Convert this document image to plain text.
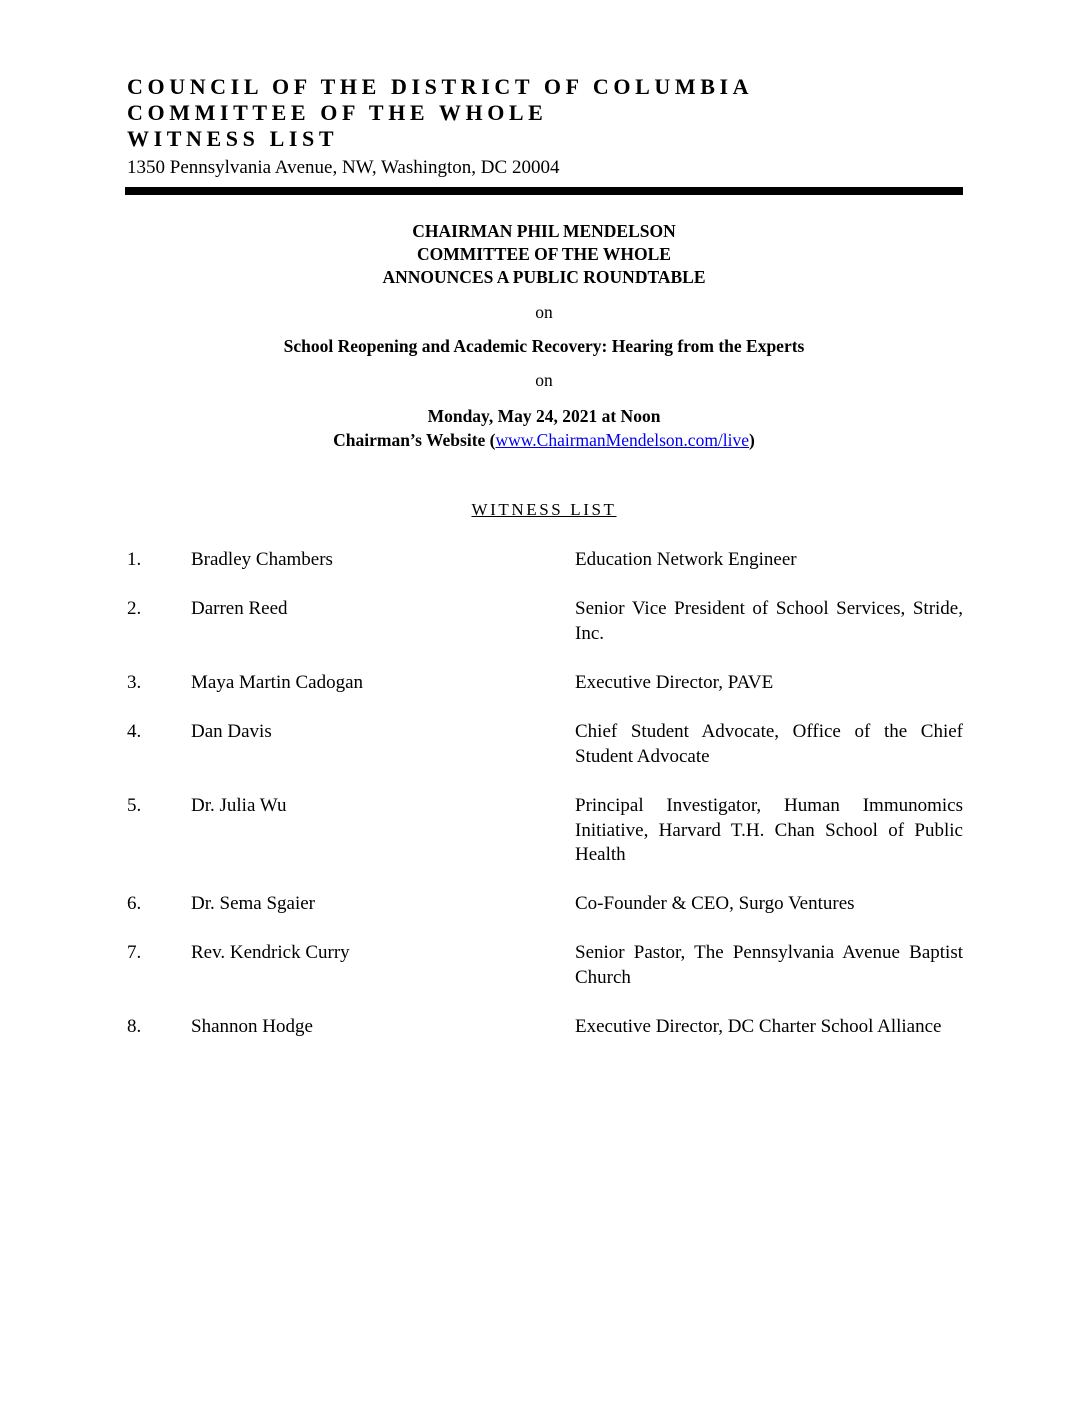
COUNCIL OF THE DISTRICT OF COLUMBIA
COMMITTEE OF THE WHOLE
WITNESS LIST
1350 Pennsylvania Avenue, NW, Washington, DC 20004
CHAIRMAN PHIL MENDELSON
COMMITTEE OF THE WHOLE
ANNOUNCES A PUBLIC ROUNDTABLE
on
School Reopening and Academic Recovery: Hearing from the Experts
on
Monday, May 24, 2021 at Noon
Chairman’s Website (www.ChairmanMendelson.com/live)
WITNESS LIST
1.	Bradley Chambers	Education Network Engineer
2.	Darren Reed	Senior Vice President of School Services, Stride, Inc.
3.	Maya Martin Cadogan	Executive Director, PAVE
4.	Dan Davis	Chief Student Advocate, Office of the Chief Student Advocate
5.	Dr. Julia Wu	Principal Investigator, Human Immunomics Initiative, Harvard T.H. Chan School of Public Health
6.	Dr. Sema Sgaier	Co-Founder & CEO, Surgo Ventures
7.	Rev. Kendrick Curry	Senior Pastor, The Pennsylvania Avenue Baptist Church
8.	Shannon Hodge	Executive Director, DC Charter School Alliance
